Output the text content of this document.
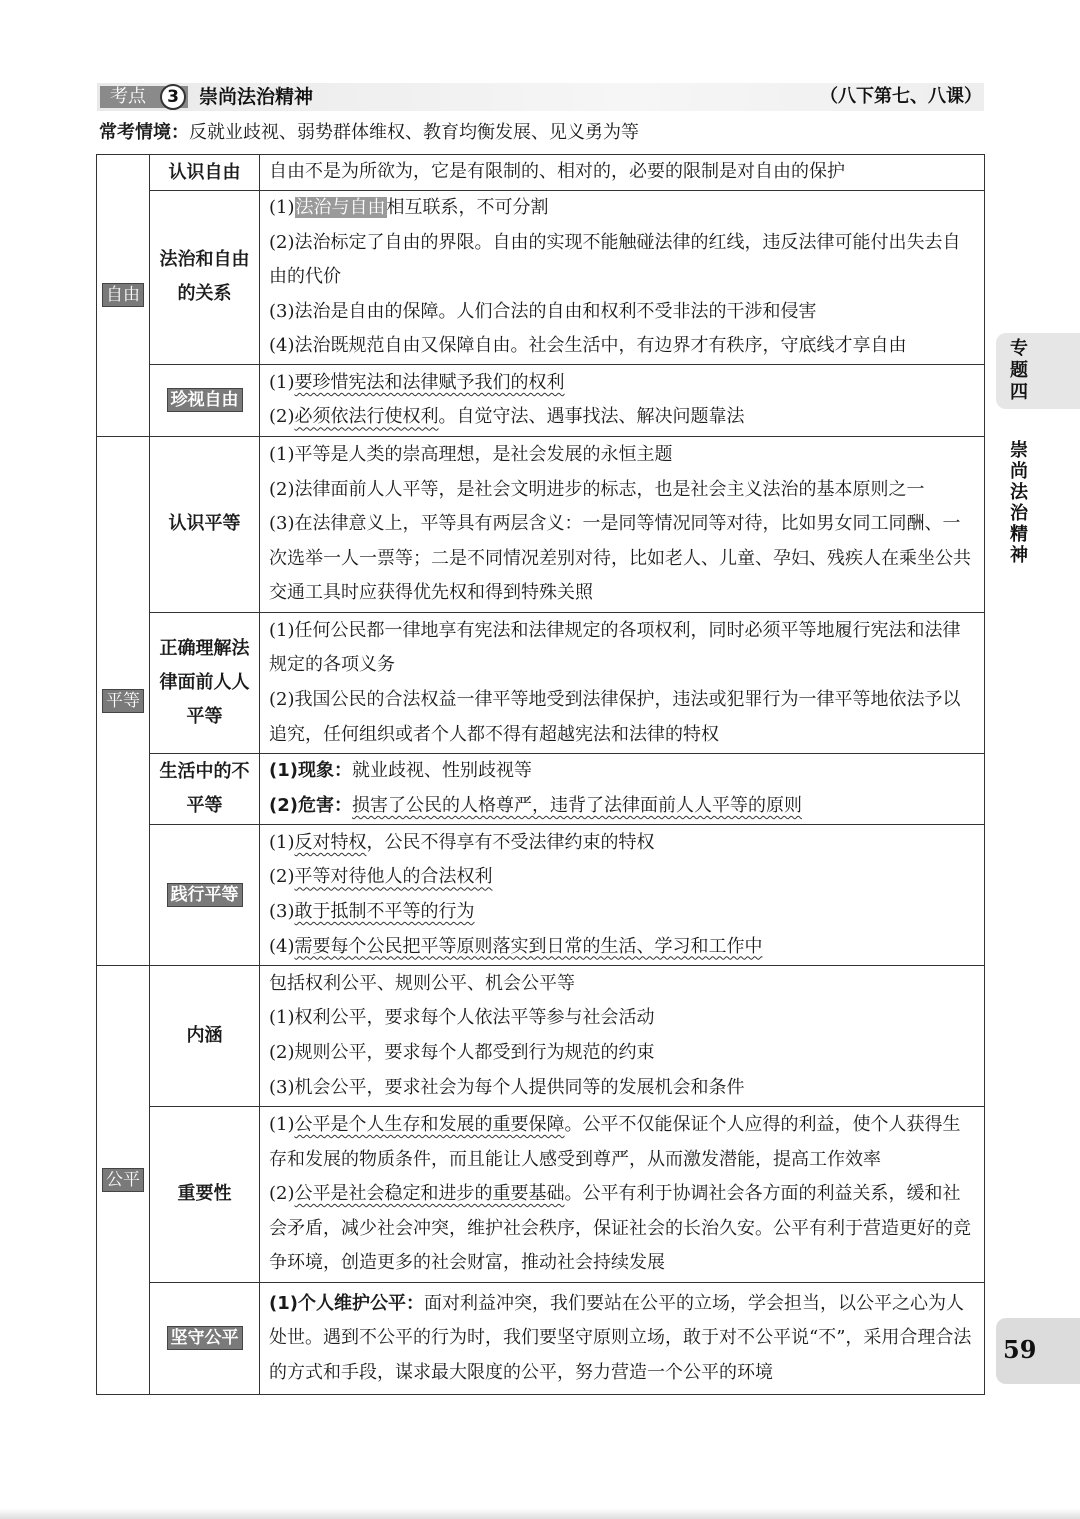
考点	3	崇尚法治精神	（八下第七、八课）
常考情境：反就业歧视、弱势群体维权、教育均衡发展、见义勇为等
自由	认识自由	自由不是为所欲为，它是有限制的、相对的，必要的限制是对自由的保护

	法治和自由的关系	(1)法治与自由相互联系，不可分割
(2)法治标定了自由的界限。自由的实现不能触碰法律的红线，违反法律可能付出失去自由的代价
(3)法治是自由的保障。人们合法的自由和权利不受非法的干涉和侵害
(4)法治既规范自由又保障自由。社会生活中，有边界才有秩序，守底线才享自由

	珍视自由	(1)要珍惜宪法和法律赋予我们的权利
(2)必须依法行使权利。自觉守法、遇事找法、解决问题靠法

平等	认识平等	(1)平等是人类的崇高理想，是社会发展的永恒主题
(2)法律面前人人平等，是社会文明进步的标志，也是社会主义法治的基本原则之一
(3)在法律意义上，平等具有两层含义：一是同等情况同等对待，比如男女同工同酬、一次选举一人一票等；二是不同情况差别对待，比如老人、儿童、孕妇、残疾人在乘坐公共交通工具时应获得优先权和得到特殊关照

	正确理解法律面前人人平等	(1)任何公民都一律地享有宪法和法律规定的各项权利，同时必须平等地履行宪法和法律规定的各项义务
(2)我国公民的合法权益一律平等地受到法律保护，违法或犯罪行为一律平等地依法予以追究，任何组织或者个人都不得有超越宪法和法律的特权

	生活中的不平等	(1)现象：就业歧视、性别歧视等
(2)危害：损害了公民的人格尊严，违背了法律面前人人平等的原则

	践行平等	(1)反对特权，公民不得享有不受法律约束的特权
(2)平等对待他人的合法权利
(3)敢于抵制不平等的行为
(4)需要每个公民把平等原则落实到日常的生活、学习和工作中

公平	内涵	包括权利公平、规则公平、机会公平等
(1)权利公平，要求每个人依法平等参与社会活动
(2)规则公平，要求每个人都受到行为规范的约束
(3)机会公平，要求社会为每个人提供同等的发展机会和条件

	重要性	(1)公平是个人生存和发展的重要保障。公平不仅能保证个人应得的利益，使个人获得生存和发展的物质条件，而且能让人感受到尊严，从而激发潜能，提高工作效率
(2)公平是社会稳定和进步的重要基础。公平有利于协调社会各方面的利益关系，缓和社会矛盾，减少社会冲突，维护社会秩序，保证社会的长治久安。公平有利于营造更好的竞争环境，创造更多的社会财富，推动社会持续发展

	坚守公平	(1)个人维护公平：面对利益冲突，我们要站在公平的立场，学会担当，以公平之心为人处世。遇到不公平的行为时，我们要坚守原则立场，敢于对不公平说“不”，采用合理合法的方式和手段，谋求最大限度的公平，努力营造一个公平的环境
专题四
崇尚法治精神
59
